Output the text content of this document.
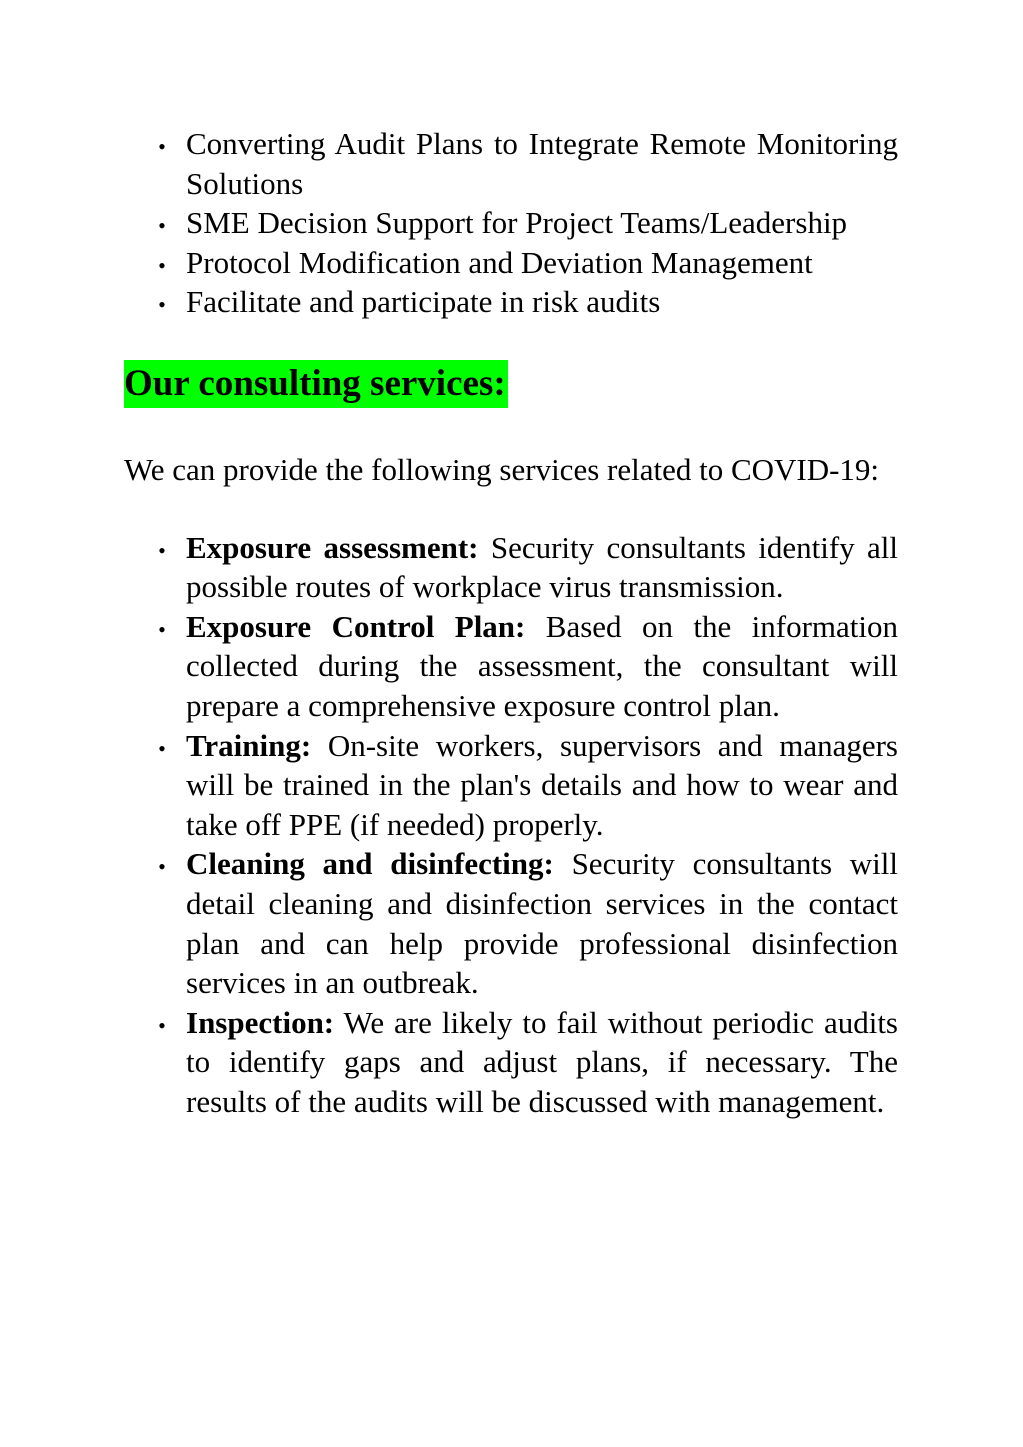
• Converting Audit Plans to Integrate Remote Monitoring Solutions
• SME Decision Support for Project Teams/Leadership
• Protocol Modification and Deviation Management
• Facilitate and participate in risk audits
Our consulting services:

We can provide the following services related to COVID-19:

• Exposure assessment: Security consultants identify all possible routes of workplace virus transmission.
• Exposure Control Plan: Based on the information collected during the assessment, the consultant will prepare a comprehensive exposure control plan.
• Training: On-site workers, supervisors and managers will be trained in the plan's details and how to wear and take off PPE (if needed) properly.
• Cleaning and disinfecting: Security consultants will detail cleaning and disinfection services in the contact plan and can help provide professional disinfection services in an outbreak.
• Inspection: We are likely to fail without periodic audits to identify gaps and adjust plans, if necessary. The results of the audits will be discussed with management.
